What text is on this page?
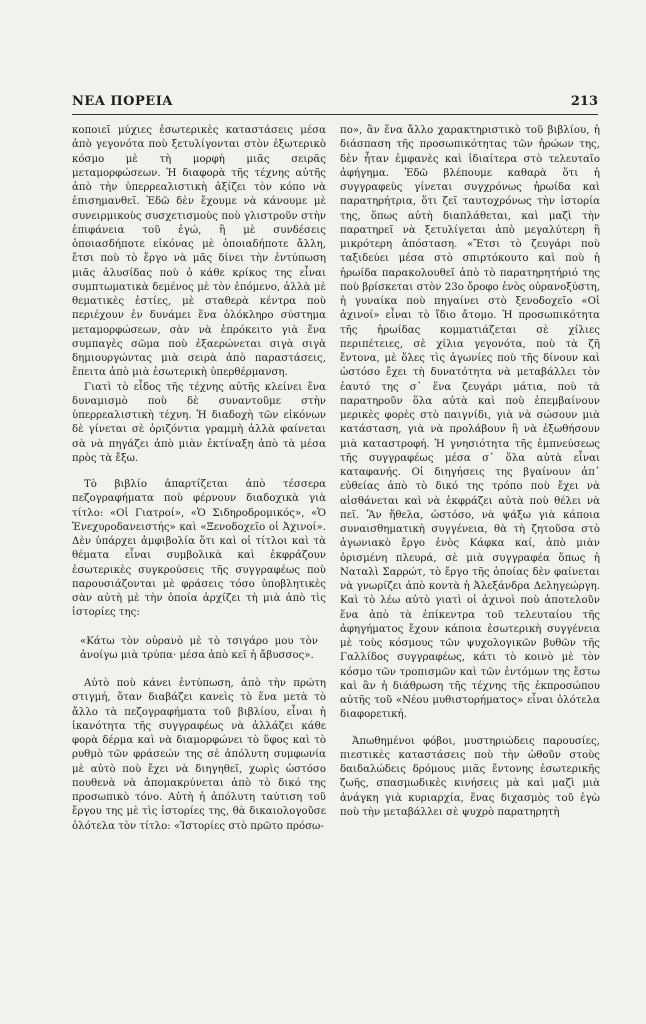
ΝΕΑ ΠΟΡΕΙΑ	213

κοποιεῖ μύχιες ἐσωτερικὲς καταστάσεις μέσα ἀπὸ γεγονότα ποὺ ξετυλίγονται στὸν ἐξωτερικὸ κόσμο μὲ τὴ μορφὴ μιᾶς σειρᾶς μεταμορφώσεων. Ἡ διαφορὰ τῆς τέχνης αὐτῆς ἀπὸ τὴν ὑπερρεαλιστικὴ ἀξίζει τὸν κόπο νὰ ἐπισημανθεῖ. Ἐδῶ δὲν ἔχουμε νὰ κάνουμε μὲ συνειρμικοὺς συσχετισμοὺς ποὺ γλιστροῦν στὴν ἐπιφάνεια τοῦ ἐγώ, ἢ μὲ συνδέσεις ὁποιασδήποτε εἰκόνας μὲ ὁποιαδήποτε ἄλλη, ἔτσι ποὺ τὸ ἔργο νὰ μᾶς δίνει τὴν ἐντύπωση μιᾶς ἀλυσίδας ποὺ ὁ κάθε κρίκος της εἶναι συμπτωματικὰ δεμένος μὲ τὸν ἑπόμενο, ἀλλὰ μὲ θεματικὲς ἑστίες, μὲ σταθερὰ κέντρα ποὺ περιέχουν ἐν δυνάμει ἕνα ὁλόκληρο σύστημα μεταμορφώσεων, σὰν νὰ ἐπρόκειτο γιὰ ἕνα συμπαγὲς σῶμα ποὺ ἐξαερώνεται σιγὰ σιγὰ δημιουργώντας μιὰ σειρὰ ἀπὸ παραστάσεις, ἔπειτα ἀπὸ μιὰ ἐσωτερικὴ ὑπερθέρμανση.

Γιατὶ τὸ εἶδος τῆς τέχνης αὐτῆς κλείνει ἕνα δυναμισμὸ ποὺ δὲ συναντοῦμε στὴν ὑπερρεαλιστικὴ τέχνη. Ἡ διαδοχὴ τῶν εἰκόνων δὲ γίνεται σὲ ὁριζόντια γραμμὴ ἀλλὰ φαίνεται σὰ νὰ πηγάζει ἀπὸ μιὰν ἐκτίναξη ἀπὸ τὰ μέσα πρὸς τὰ ἔξω.

Τὸ βιβλίο ἀπαρτίζεται ἀπὸ τέσσερα πεζογραφήματα ποὺ φέρνουν διαδοχικὰ γιὰ τίτλο: «Οἱ Γιατροί», «Ὁ Σιδηροδρομικός», «Ὁ Ἐνεχυροδανειστής» καὶ «Ξενοδοχεῖο οἱ Ἀχινοί». Δὲν ὑπάρχει ἀμφιβολία ὅτι καὶ οἱ τίτλοι καὶ τὰ θέματα εἶναι συμβολικὰ καὶ ἐκφράζουν ἐσωτερικὲς συγκρούσεις τῆς συγγραφέως ποὺ παρουσιάζονται μὲ φράσεις τόσο ὑποβλητικὲς σὰν αὐτὴ μὲ τὴν ὁποία ἀρχίζει τὴ μιὰ ἀπὸ τὶς ἱστορίες της:

«Κάτω τὸν οὐρανὸ μὲ τὸ τσιγάρο μου τὸν ἀνοίγω μιὰ τρύπα· μέσα ἀπὸ κεῖ ἡ ἄβυσσος».

Αὐτὸ ποὺ κάνει ἐντύπωση, ἀπὸ τὴν πρώτη στιγμή, ὅταν διαβάζει κανεὶς τὸ ἕνα μετὰ τὸ ἄλλο τὰ πεζογραφήματα τοῦ βιβλίου, εἶναι ἡ ἱκανότητα τῆς συγγραφέως νὰ ἀλλάζει κάθε φορὰ δέρμα καὶ νὰ διαμορφώνει τὸ ὕφος καὶ τὸ ρυθμὸ τῶν φράσεών της σὲ ἀπόλυτη συμφωνία μὲ αὐτὸ ποὺ ἔχει νὰ διηγηθεῖ, χωρὶς ὡστόσο πουθενὰ νὰ ἀπομακρύνεται ἀπὸ τὸ δικό της προσωπικὸ τόνο. Αὐτὴ ἡ ἀπόλυτη ταύτιση τοῦ ἔργου της μὲ τὶς ἱστορίες της, θὰ δικαιολογοῦσε ὁλότελα τὸν τίτλο: «Ἱστορίες στὸ πρῶτο πρόσω-

πο», ἂν ἕνα ἄλλο χαρακτηριστικὸ τοῦ βιβλίου, ἡ διάσπαση τῆς προσωπικότητας τῶν ἡρώων της, δὲν ἦταν ἐμφανὲς καὶ ἰδιαίτερα στὸ τελευταῖο ἀφήγημα. Ἐδῶ βλέπουμε καθαρὰ ὅτι ἡ συγγραφεὺς γίνεται συγχρόνως ἡρωίδα καὶ παρατηρήτρια, ὅτι ζεῖ ταυτοχρόνως τὴν ἱστορία της, ὅπως αὐτὴ διαπλάθεται, καὶ μαζὶ τὴν παρατηρεῖ νὰ ξετυλίγεται ἀπὸ μεγαλύτερη ἢ μικρότερη ἀπόσταση. «Ἔτσι τὸ ζευγάρι ποὺ ταξιδεύει μέσα στὸ σπιρτόκουτο καὶ ποὺ ἡ ἡρωίδα παρακολουθεῖ ἀπὸ τὸ παρατηρητήριό της ποὺ βρίσκεται στὸν 23ο ὄροφο ἑνὸς οὐρανοξύστη, ἡ γυναίκα ποὺ πηγαίνει στὸ ξενοδοχεῖο «Οἱ ἀχινοί» εἶναι τὸ ἴδιο ἄτομο. Ἡ προσωπικότητα τῆς ἡρωίδας κομματιάζεται σὲ χίλιες περιπέτειες, σὲ χίλια γεγονότα, ποὺ τὰ ζῆ ἔντονα, μὲ ὅλες τὶς ἀγωνίες ποὺ τῆς δίνουν καὶ ὡστόσο ἔχει τὴ δυνατότητα νὰ μεταβάλλει τὸν ἑαυτό της σ᾿ ἕνα ζευγάρι μάτια, ποὺ τὰ παρατηροῦν ὅλα αὐτὰ καὶ ποὺ ἐπεμβαίνουν μερικὲς φορὲς στὸ παιγνίδι, γιὰ νὰ σώσουν μιὰ κατάσταση, γιὰ νὰ προλάβουν ἢ νὰ ἐξωθήσουν μιὰ καταστροφή. Ἡ γνησιότητα τῆς ἐμπνεύσεως τῆς συγγραφέως μέσα σ᾿ ὅλα αὐτὰ εἶναι καταφανής. Οἱ διηγήσεις της βγαίνουν ἀπ᾿ εὐθείας ἀπὸ τὸ δικό της τρόπο ποὺ ἔχει νὰ αἰσθάνεται καὶ νὰ ἐκφράζει αὐτὰ ποὺ θέλει νὰ πεῖ. Ἂν ἤθελα, ὡστόσο, νὰ ψάξω γιὰ κάποια συναισθηματικὴ συγγένεια, θὰ τὴ ζητοῦσα στὸ ἀγωνιακὸ ἔργο ἑνὸς Κάφκα καί, ἀπὸ μιὰν ὁρισμένη πλευρά, σὲ μιὰ συγγραφέα ὅπως ἡ Ναταλὶ Σαρρώτ, τὸ ἔργο τῆς ὁποίας δὲν φαίνεται νὰ γνωρίζει ἀπὸ κοντὰ ἡ Ἀλεξάνδρα Δεληγεώργη. Καὶ τὸ λέω αὐτὸ γιατὶ οἱ ἀχινοὶ ποὺ ἀποτελοῦν ἕνα ἀπὸ τὰ ἐπίκεντρα τοῦ τελευταίου τῆς ἀφηγήματος ἔχουν κάποια ἐσωτερικὴ συγγένεια μὲ τοὺς κόσμους τῶν ψυχολογικῶν βυθῶν τῆς Γαλλίδος συγγραφέως, κάτι τὸ κοινὸ μὲ τὸν κόσμο τῶν τροπισμῶν καὶ τῶν ἐντόμων της ἔστω καὶ ἂν ἡ διάθρωση τῆς τέχνης τῆς ἐκπροσώπου αὐτῆς τοῦ «Νέου μυθιστορήματος» εἶναι ὁλότελα διαφορετική.

Ἀπωθημένοι φόβοι, μυστηριώδεις παρουσίες, πιεστικὲς καταστάσεις ποὺ τὴν ὠθοῦν στοὺς δαιδαλώδεις δρόμους μιᾶς ἔντονης ἐσωτερικῆς ζωῆς, σπασμωδικὲς κινήσεις μὰ καὶ μαζὶ μιὰ ἀνάγκη γιὰ κυριαρχία, ἕνας διχασμὸς τοῦ ἐγὼ ποὺ τὴν μεταβάλλει σὲ ψυχρὸ παρατηρητὴ
